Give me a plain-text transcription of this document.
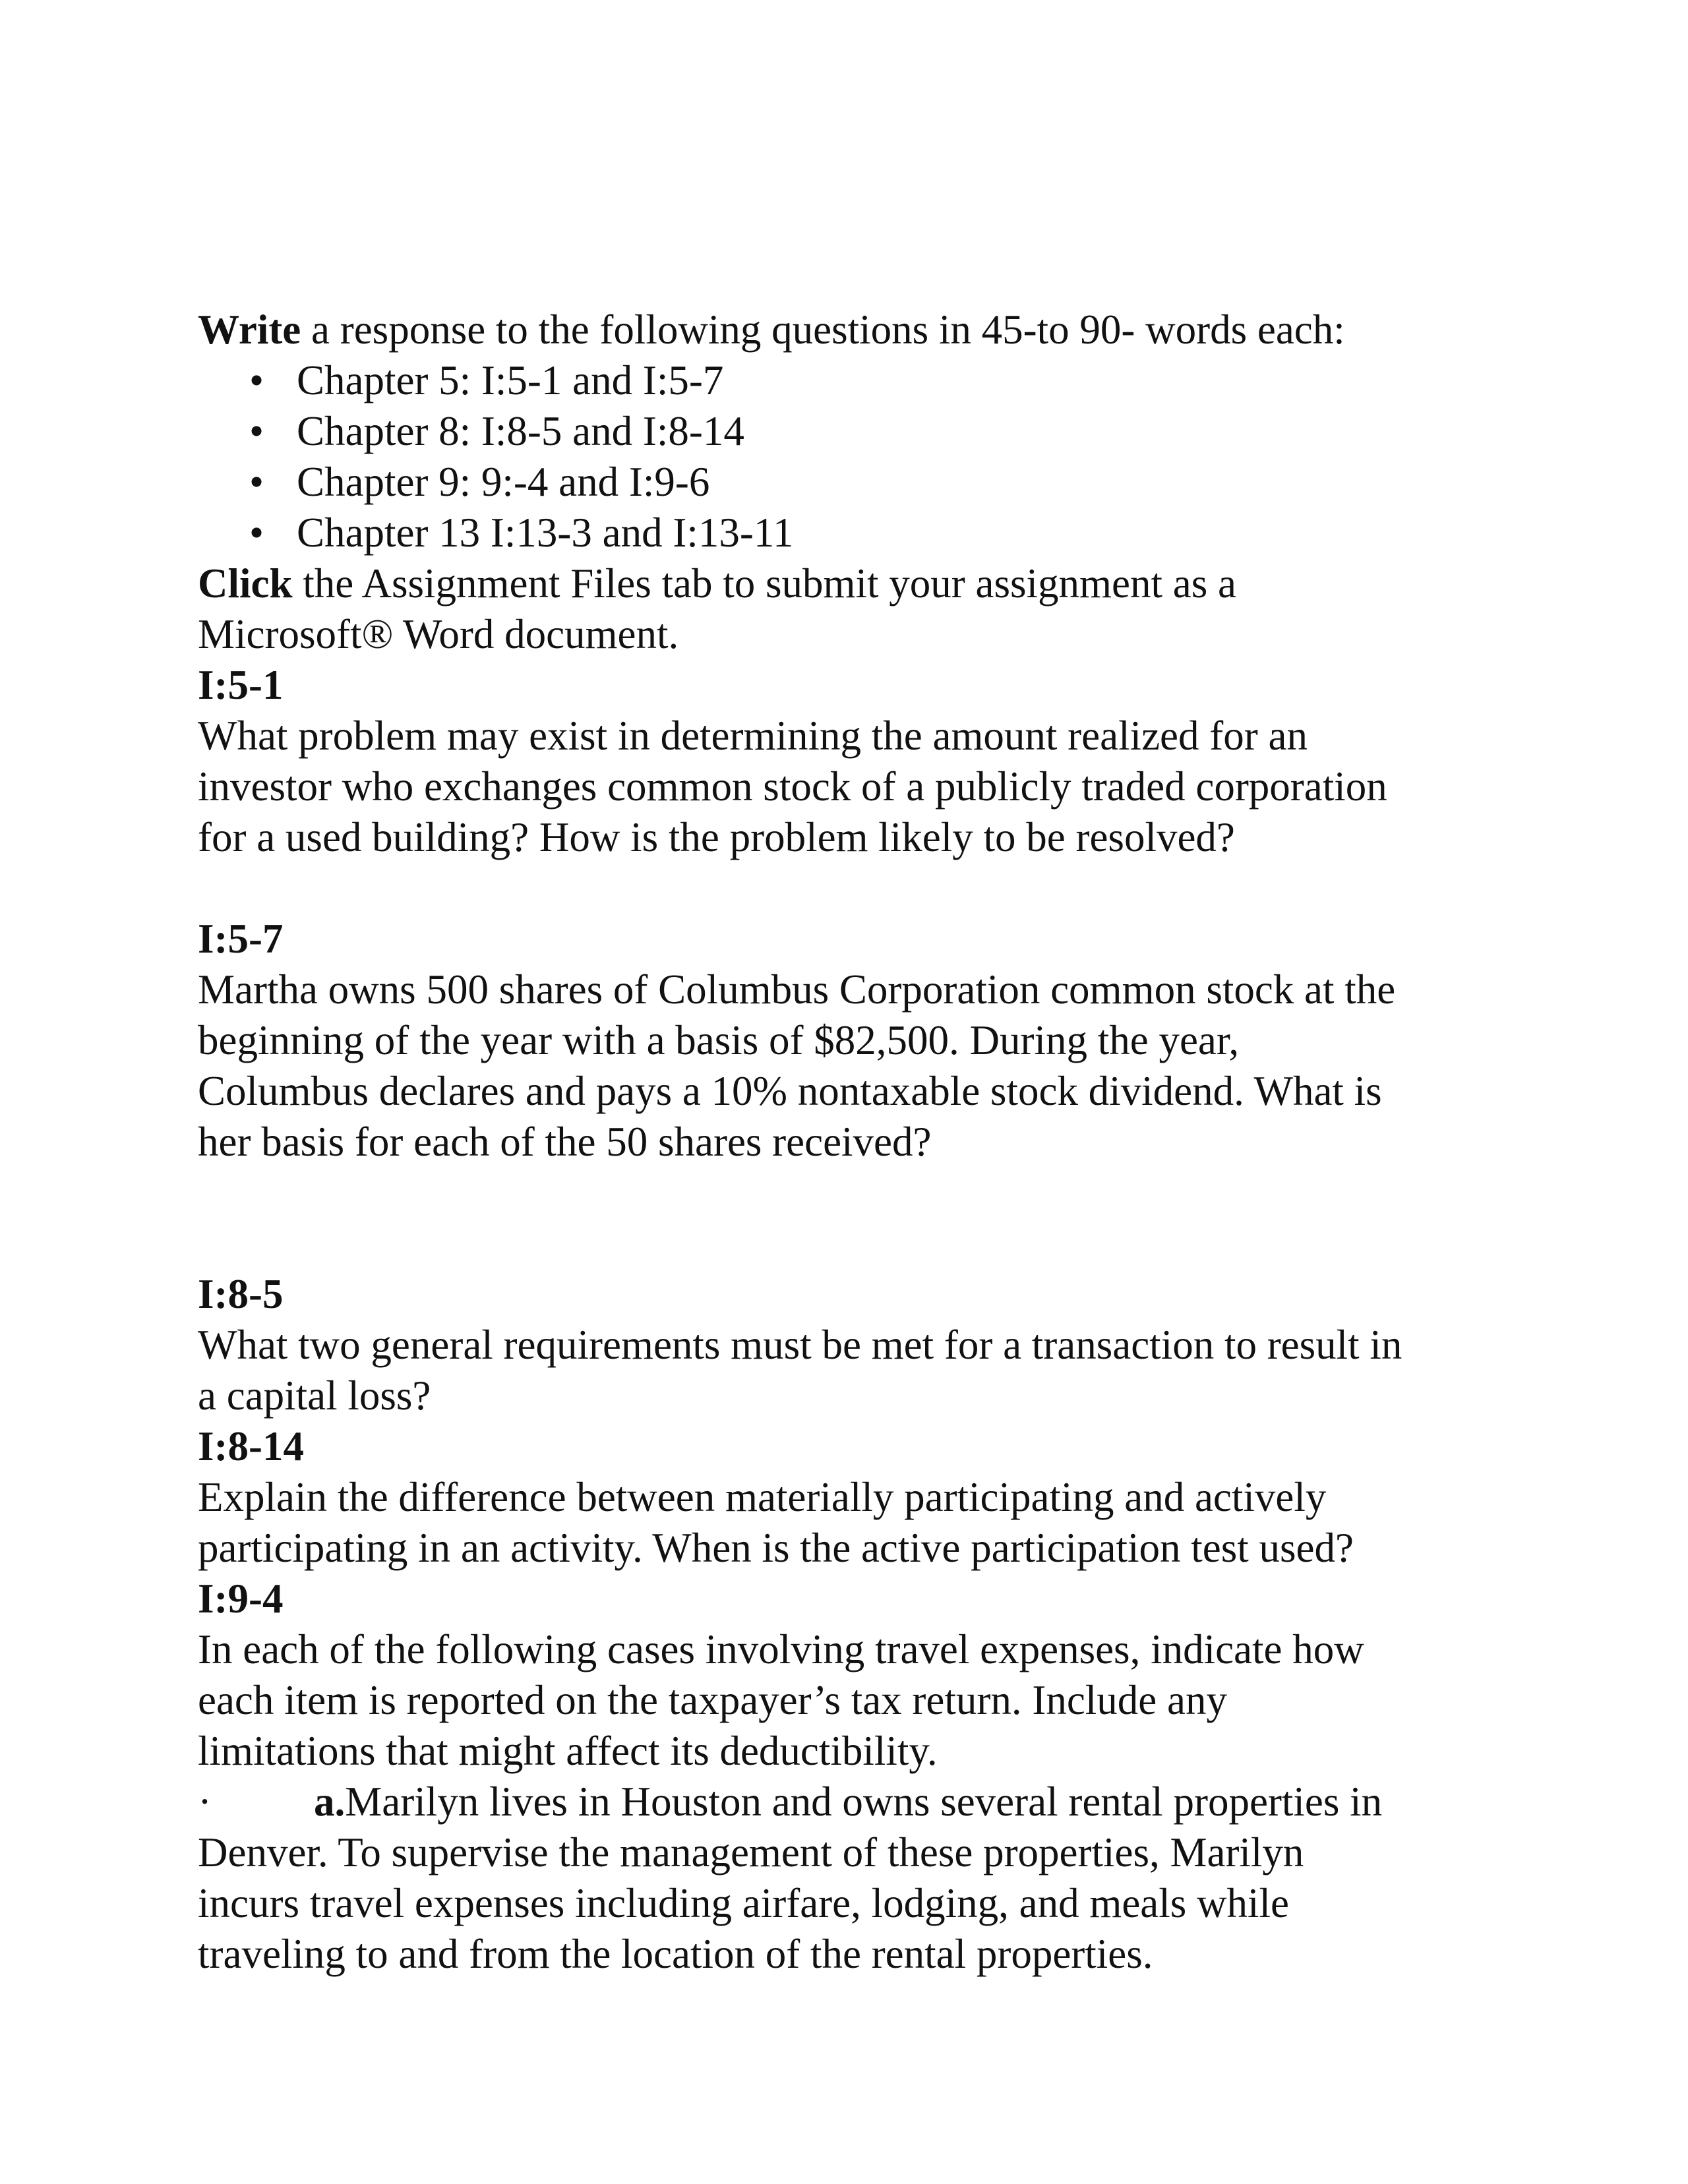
Write a response to the following questions in 45-to 90- words each:
• Chapter 5: I:5-1 and I:5-7
• Chapter 8: I:8-5 and I:8-14
• Chapter 9: 9:-4 and I:9-6
• Chapter 13 I:13-3 and I:13-11
Click the Assignment Files tab to submit your assignment as a
Microsoft® Word document.
I:5-1
What problem may exist in determining the amount realized for an
investor who exchanges common stock of a publicly traded corporation
for a used building? How is the problem likely to be resolved?
I:5-7
Martha owns 500 shares of Columbus Corporation common stock at the
beginning of the year with a basis of $82,500. During the year,
Columbus declares and pays a 10% nontaxable stock dividend. What is
her basis for each of the 50 shares received?
I:8-5
What two general requirements must be met for a transaction to result in
a capital loss?
I:8-14
Explain the difference between materially participating and actively
participating in an activity. When is the active participation test used?
I:9-4
In each of the following cases involving travel expenses, indicate how
each item is reported on the taxpayer’s tax return. Include any
limitations that might affect its deductibility.
· a.Marilyn lives in Houston and owns several rental properties in
Denver. To supervise the management of these properties, Marilyn
incurs travel expenses including airfare, lodging, and meals while
traveling to and from the location of the rental properties.
